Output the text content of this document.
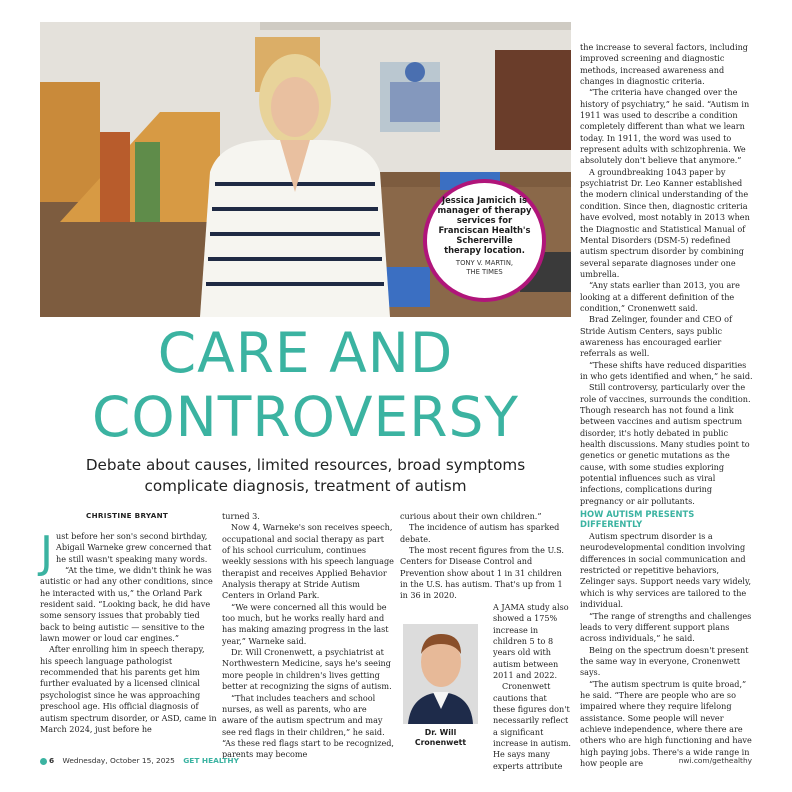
Jessica Jamicich is manager of therapy services for Franciscan Health's Schererville therapy location.
TONY V. MARTIN,
THE TIMES
CARE AND
CONTROVERSY
Debate about causes, limited resources, broad symptoms
complicate diagnosis, treatment of autism
CHRISTINE BRYANT

Just before her son's second birthday, Abigail Warneke grew concerned that he still wasn't speaking many words.

“At the time, we didn't think he was autistic or had any other conditions, since he interacted with us,” the Orland Park resident said. “Looking back, he did have some sensory issues that probably tied back to being autistic — sensitive to the lawn mower or loud car engines.”

After enrolling him in speech therapy, his speech language pathologist recommended that his parents get him further evaluated by a licensed clinical psychologist since he was approaching preschool age. His official diagnosis of autism spectrum disorder, or ASD, came in March 2024, just before he

turned 3.

Now 4, Warneke's son receives speech, occupational and social therapy as part of his school curriculum, continues weekly sessions with his speech language therapist and receives Applied Behavior Analysis therapy at Stride Autism Centers in Orland Park.

“We were concerned all this would be too much, but he works really hard and has making amazing progress in the last year,” Warneke said.

Dr. Will Cronenwett, a psychiatrist at Northwestern Medicine, says he's seeing more people in children's lives getting better at recognizing the signs of autism.

“That includes teachers and school nurses, as well as parents, who are aware of the autism spectrum and may see red flags in their children,” he said. “As these red flags start to be recognized, parents may become

curious about their own children.”

The incidence of autism has sparked debate.

The most recent figures from the U.S. Centers for Disease Control and Prevention show about 1 in 31 children in the U.S. has autism. That's up from 1 in 36 in 2020.

A JAMA study also showed a 175% increase in children 5 to 8 years old with autism between 2011 and 2022.

Cronenwett cautions that these figures don't necessarily reflect a significant increase in autism. He says many experts attribute

Dr. Will
Cronenwett

the increase to several factors, including improved screening and diagnostic methods, increased awareness and changes in diagnostic criteria.

“The criteria have changed over the history of psychiatry,” he said. “Autism in 1911 was used to describe a condition completely different than what we learn today. In 1911, the word was used to represent adults with schizophrenia. We absolutely don't believe that anymore.”

A groundbreaking 1043 paper by psychiatrist Dr. Leo Kanner established the modern clinical understanding of the condition. Since then, diagnostic criteria have evolved, most notably in 2013 when the Diagnostic and Statistical Manual of Mental Disorders (DSM-5) redefined autism spectrum disorder by combining several separate diagnoses under one umbrella.

“Any stats earlier than 2013, you are looking at a different definition of the condition,” Cronenwett said.

Brad Zelinger, founder and CEO of Stride Autism Centers, says public awareness has encouraged earlier referrals as well.

“These shifts have reduced disparities in who gets identified and when,” he said.

Still controversy, particularly over the role of vaccines, surrounds the condition. Though research has not found a link between vaccines and autism spectrum disorder, it's hotly debated in public health discussions. Many studies point to genetics or genetic mutations as the cause, with some studies exploring potential influences such as viral infections, complications during pregnancy or air pollutants.

HOW AUTISM PRESENTS
DIFFERENTLY

Autism spectrum disorder is a neurodevelopmental condition involving differences in social communication and restricted or repetitive behaviors, Zelinger says. Support needs vary widely, which is why services are tailored to the individual.

“The range of strengths and challenges leads to very different support plans across individuals,” he said.

Being on the spectrum doesn't present the same way in everyone, Cronenwett says.

“The autism spectrum is quite broad,” he said. “There are people who are so impaired where they require lifelong assistance. Some people will never achieve independence, where there are others who are high functioning and have high paying jobs. There's a wide range in how people are

6 Wednesday, October 15, 2025 GET HEALTHY	nwi.com/gethealthy
